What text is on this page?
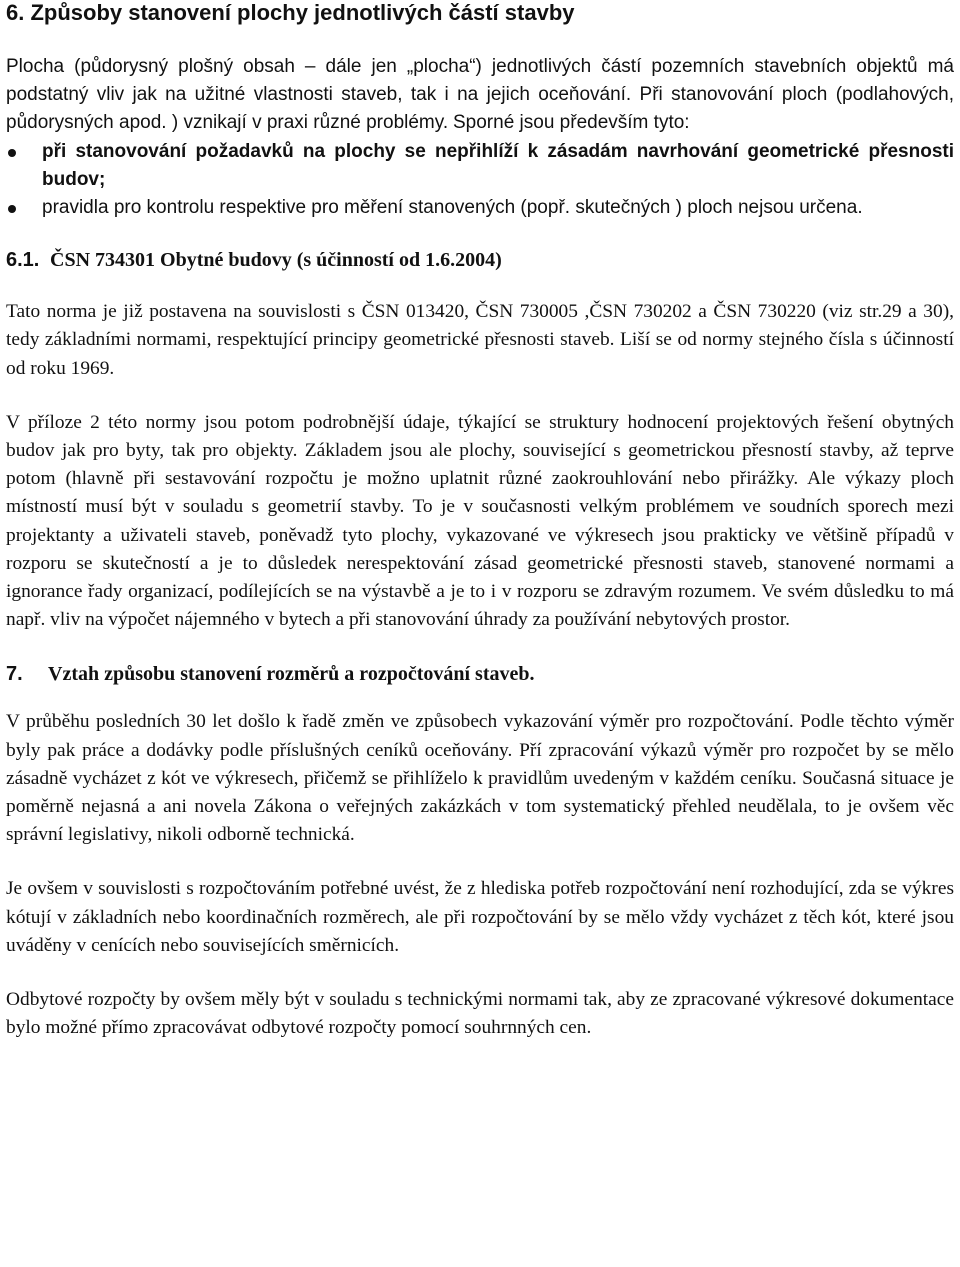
6. Způsoby stanovení plochy jednotlivých částí stavby

Plocha (půdorysný plošný obsah – dále jen „plocha“) jednotlivých částí pozemních stavebních objektů má podstatný vliv jak na užitné vlastnosti staveb, tak i na jejich oceňování. Při stanovování ploch (podlahových, půdorysných apod. ) vznikají v praxi různé problémy. Sporné jsou především tyto:

při stanovování požadavků na plochy se nepřihlíží k zásadám navrhování geometrické přesnosti budov;
pravidla pro kontrolu respektive pro měření stanovených (popř. skutečných ) ploch nejsou určena.
6.1. ČSN 734301 Obytné budovy (s účinností od 1.6.2004)

Tato norma je již postavena na souvislosti s ČSN 013420, ČSN 730005 ,ČSN 730202 a ČSN 730220 (viz str.29 a 30), tedy základními normami, respektující principy geometrické přesnosti staveb. Liší se od normy stejného čísla s účinností od roku 1969.

V příloze 2 této normy jsou potom podrobnější údaje, týkající se struktury hodnocení projektových řešení obytných budov jak pro byty, tak pro objekty. Základem jsou ale plochy, související s geometrickou přesností stavby, až teprve potom (hlavně při sestavování rozpočtu je možno uplatnit různé zaokrouhlování nebo přirážky. Ale výkazy ploch místností musí být v souladu s geometrií stavby. To je v současnosti velkým problémem ve soudních sporech mezi projektanty a uživateli staveb, poněvadž tyto plochy, vykazované ve výkresech jsou prakticky ve většině případů v rozporu se skutečností a je to důsledek nerespektování zásad geometrické přesnosti staveb, stanovené normami a ignorance řady organizací, podílejících se na výstavbě a je to i v rozporu se zdravým rozumem. Ve svém důsledku to má např. vliv na výpočet nájemného v bytech a při stanovování úhrady za používání nebytových prostor.

7. Vztah způsobu stanovení rozměrů a rozpočtování staveb.

V průběhu posledních 30 let došlo k řadě změn ve způsobech vykazování výměr pro rozpočtování. Podle těchto výměr byly pak práce a dodávky podle příslušných ceníků oceňovány. Pří zpracování výkazů výměr pro rozpočet by se mělo zásadně vycházet z kót ve výkresech, přičemž se přihlíželo k pravidlům uvedeným v každém ceníku. Současná situace je poměrně nejasná a ani novela Zákona o veřejných zakázkách v tom systematický přehled neudělala, to je ovšem věc správní legislativy, nikoli odborně technická.

Je ovšem v souvislosti s rozpočtováním potřebné uvést, že z hlediska potřeb rozpočtování není rozhodující, zda se výkres kótují v základních nebo koordinačních rozměrech, ale při rozpočtování by se mělo vždy vycházet z těch kót, které jsou uváděny v cenících nebo souvisejících směrnicích.

Odbytové rozpočty by ovšem měly být v souladu s technickými normami tak, aby ze zpracované výkresové dokumentace bylo možné přímo zpracovávat odbytové rozpočty pomocí souhrnných cen.
